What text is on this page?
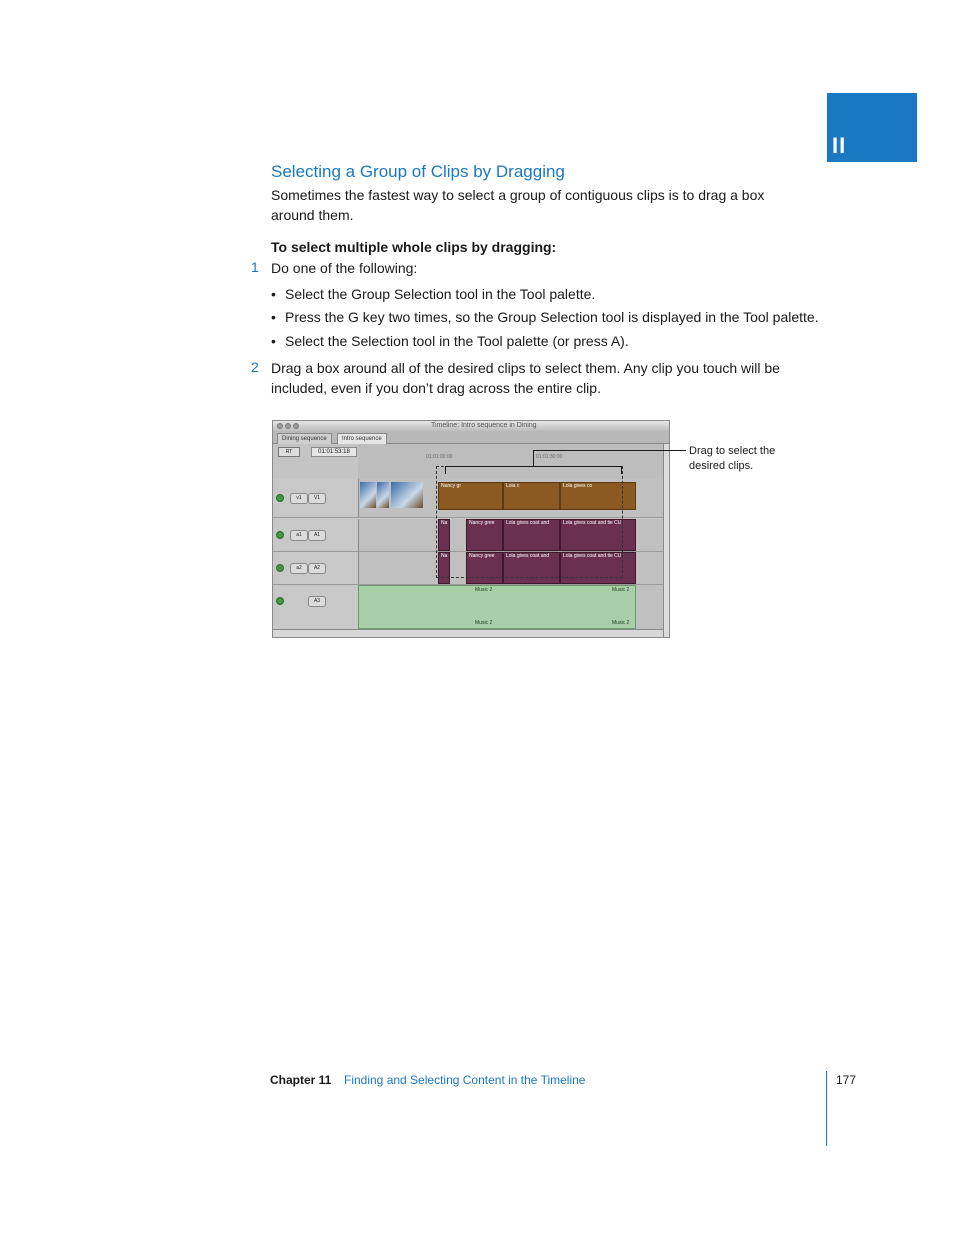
II
Selecting a Group of Clips by Dragging
Sometimes the fastest way to select a group of contiguous clips is to drag a box
around them.
To select multiple whole clips by dragging:
1 Do one of the following:
• Select the Group Selection tool in the Tool palette.
• Press the G key two times, so the Group Selection tool is displayed in the Tool palette.
• Select the Selection tool in the Tool palette (or press A).
2 Drag a box around all of the desired clips to select them. Any clip you touch will be
included, even if you don’t drag across the entire clip.
Timeline: Intro sequence in Dining
Dining sequence	Intro sequence
RT	01:01:53:18
01:01:00:00	01:01:30:00
v1	V1
Nancy gr	Lola c	Lola gives co
a1	A1
Na	Nancy gree	Lola gives coat and	Lola gives coat and tie CU
a2	A2
Na	Nancy gree	Lola gives coat and	Lola gives coat and tie CU
A3
Music 2	Music 2
Music 2	Music 2
Drag to select the
desired clips.
Chapter 11 Finding and Selecting Content in the Timeline	177
